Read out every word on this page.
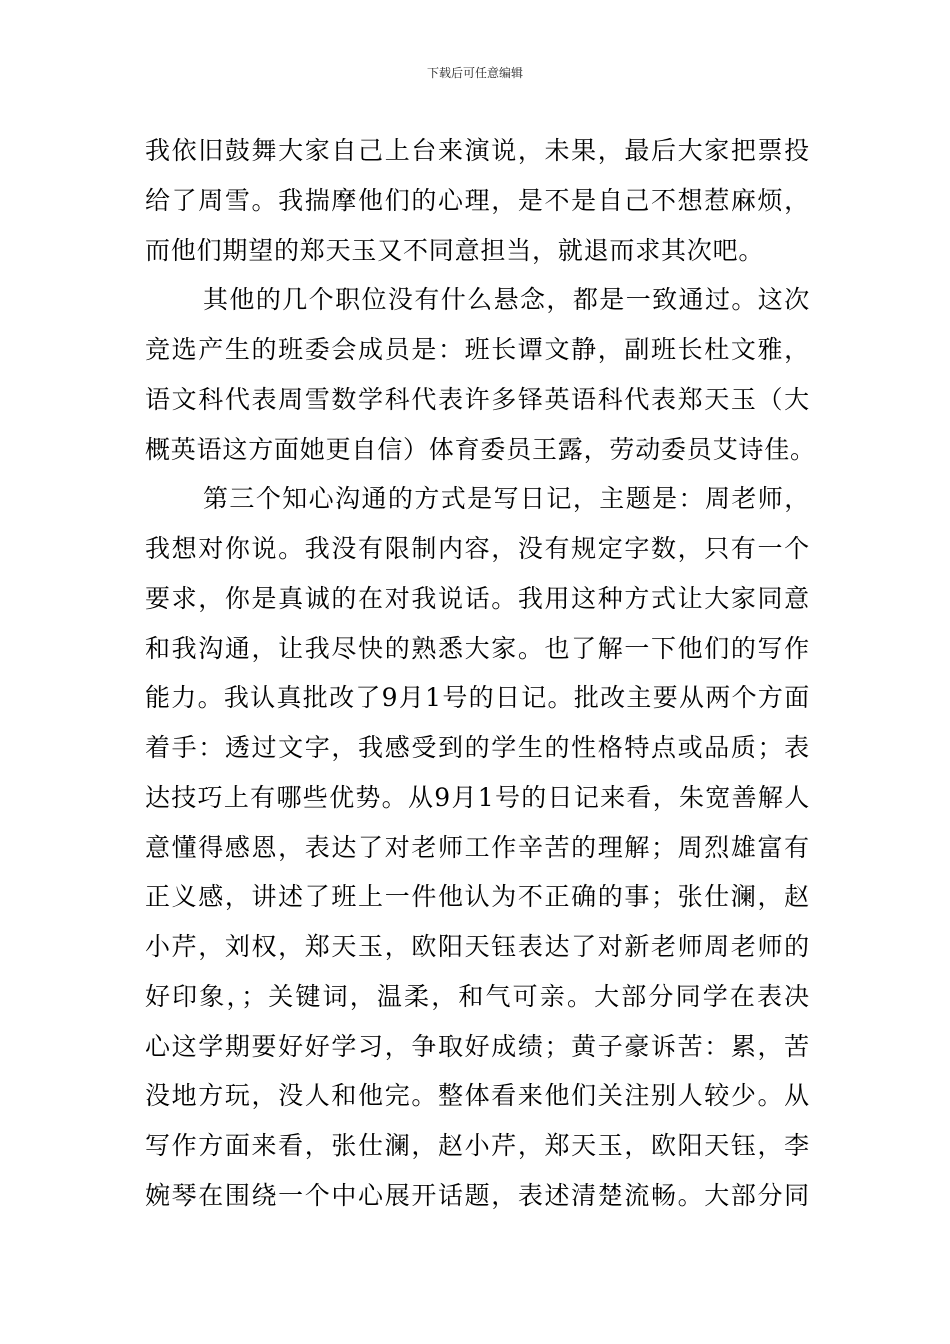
下载后可任意编辑
我依旧鼓舞大家自己上台来演说，未果，最后大家把票投
给了周雪。我揣摩他们的心理，是不是自己不想惹麻烦，
而他们期望的郑天玉又不同意担当，就退而求其次吧。
其他的几个职位没有什么悬念，都是一致通过。这次
竞选产生的班委会成员是：班长谭文静，副班长杜文雅，
语文科代表周雪数学科代表许多铎英语科代表郑天玉（大
概英语这方面她更自信）体育委员王露，劳动委员艾诗佳。
第三个知心沟通的方式是写日记，主题是：周老师，
我想对你说。我没有限制内容，没有规定字数，只有一个
要求，你是真诚的在对我说话。我用这种方式让大家同意
和我沟通，让我尽快的熟悉大家。也了解一下他们的写作
能力。我认真批改了9月1号的日记。批改主要从两个方面
着手：透过文字，我感受到的学生的性格特点或品质；表
达技巧上有哪些优势。从9月1号的日记来看，朱宽善解人
意懂得感恩，表达了对老师工作辛苦的理解；周烈雄富有
正义感，讲述了班上一件他认为不正确的事；张仕澜，赵
小芹，刘权，郑天玉，欧阳天钰表达了对新老师周老师的
好印象，；关键词，温柔，和气可亲。大部分同学在表决
心这学期要好好学习，争取好成绩；黄子豪诉苦：累，苦
没地方玩，没人和他完。整体看来他们关注别人较少。从
写作方面来看，张仕澜，赵小芹，郑天玉，欧阳天钰，李
婉琴在围绕一个中心展开话题，表述清楚流畅。大部分同
